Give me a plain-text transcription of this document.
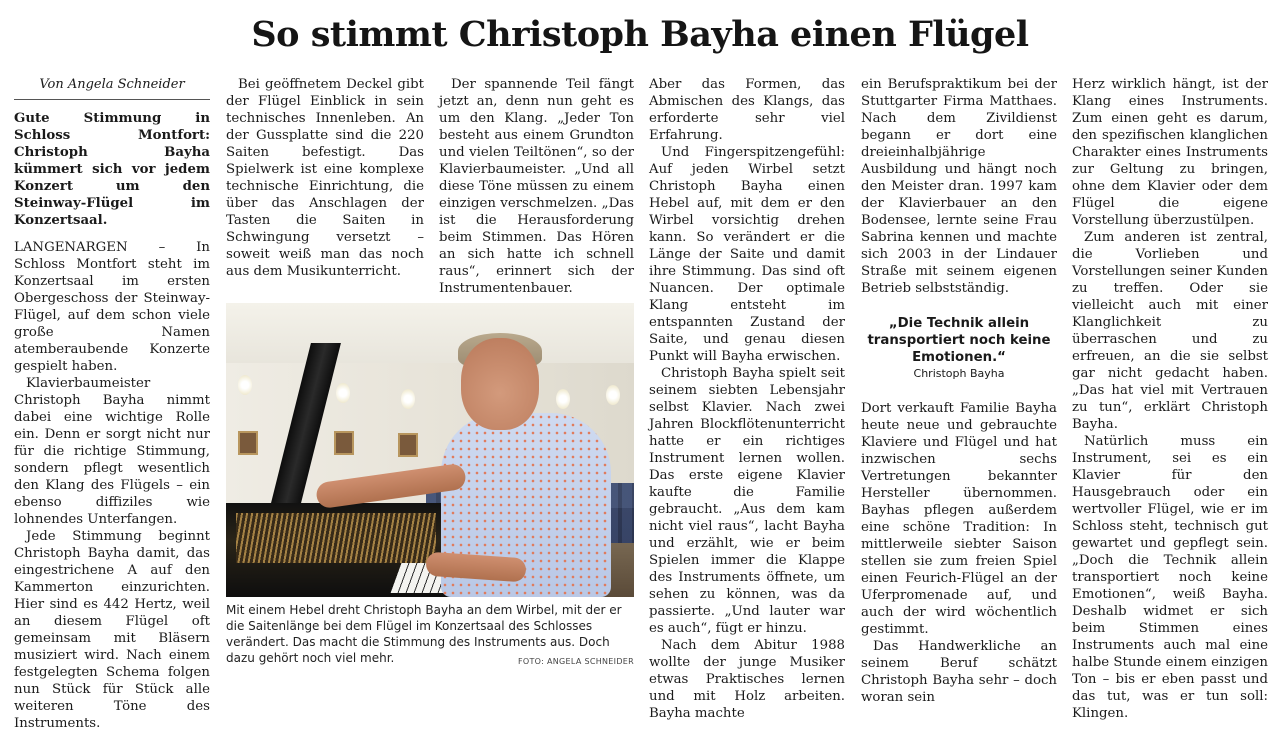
So stimmt Christoph Bayha einen Flügel
Von Angela Schneider

Gute Stimmung in Schloss Montfort: Christoph Bayha kümmert sich vor jedem Konzert um den Steinway-Flügel im Konzertsaal.

LANGENARGEN – In Schloss Montfort steht im Konzertsaal im ersten Obergeschoss der Steinway-Flügel, auf dem schon viele große Namen atemberaubende Konzerte gespielt haben.

Klavierbaumeister Christoph Bayha nimmt dabei eine wichtige Rolle ein. Denn er sorgt nicht nur für die richtige Stimmung, sondern pflegt wesentlich den Klang des Flügels – ein ebenso diffiziles wie lohnendes Unterfangen.

Jede Stimmung beginnt Christoph Bayha damit, das eingestrichene A auf den Kammerton einzurichten. Hier sind es 442 Hertz, weil an diesem Flügel oft gemeinsam mit Bläsern musiziert wird. Nach einem festgelegten Schema folgen nun Stück für Stück alle weiteren Töne des Instruments.

Bei geöffnetem Deckel gibt der Flügel Einblick in sein technisches Innenleben. An der Gussplatte sind die 220 Saiten befestigt. Das Spielwerk ist eine komplexe technische Einrichtung, die über das Anschlagen der Tasten die Saiten in Schwingung versetzt – soweit weiß man das noch aus dem Musikunterricht.

Der spannende Teil fängt jetzt an, denn nun geht es um den Klang. „Jeder Ton besteht aus einem Grundton und vielen Teiltönen“, so der Klavierbaumeister. „Und all diese Töne müssen zu einem einzigen verschmelzen. „Das ist die Herausforderung beim Stimmen. Das Hören an sich hatte ich schnell raus“, erinnert sich der Instrumentenbauer.

Mit einem Hebel dreht Christoph Bayha an dem Wirbel, mit der er die Saitenlänge bei dem Flügel im Konzertsaal des Schlosses verändert. Das macht die Stimmung des Instruments aus. Doch dazu gehört noch viel mehr.	FOTO: ANGELA SCHNEIDER

Aber das Formen, das Abmischen des Klangs, das erforderte sehr viel Erfahrung.

Und Fingerspitzengefühl: Auf jeden Wirbel setzt Christoph Bayha einen Hebel auf, mit dem er den Wirbel vorsichtig drehen kann. So verändert er die Länge der Saite und damit ihre Stimmung. Das sind oft Nuancen. Der optimale Klang entsteht im entspannten Zustand der Saite, und genau diesen Punkt will Bayha erwischen.

Christoph Bayha spielt seit seinem siebten Lebensjahr selbst Klavier. Nach zwei Jahren Blockflötenunterricht hatte er ein richtiges Instrument lernen wollen. Das erste eigene Klavier kaufte die Familie gebraucht. „Aus dem kam nicht viel raus“, lacht Bayha und erzählt, wie er beim Spielen immer die Klappe des Instruments öffnete, um sehen zu können, was da passierte. „Und lauter war es auch“, fügt er hinzu.

Nach dem Abitur 1988 wollte der junge Musiker etwas Praktisches lernen und mit Holz arbeiten. Bayha machte

ein Berufspraktikum bei der Stuttgarter Firma Matthaes. Nach dem Zivildienst begann er dort eine dreieinhalbjährige Ausbildung und hängt noch den Meister dran. 1997 kam der Klavierbauer an den Bodensee, lernte seine Frau Sabrina kennen und machte sich 2003 in der Lindauer Straße mit seinem eigenen Betrieb selbstständig.

„Die Technik allein transportiert noch keine Emotionen.“
Christoph Bayha

Dort verkauft Familie Bayha heute neue und gebrauchte Klaviere und Flügel und hat inzwischen sechs Vertretungen bekannter Hersteller übernommen. Bayhas pflegen außerdem eine schöne Tradition: In mittlerweile siebter Saison stellen sie zum freien Spiel einen Feurich-Flügel an der Uferpromenade auf, und auch der wird wöchentlich gestimmt.

Das Handwerkliche an seinem Beruf schätzt Christoph Bayha sehr – doch woran sein

Herz wirklich hängt, ist der Klang eines Instruments. Zum einen geht es darum, den spezifischen klanglichen Charakter eines Instruments zur Geltung zu bringen, ohne dem Klavier oder dem Flügel die eigene Vorstellung überzustülpen.

Zum anderen ist zentral, die Vorlieben und Vorstellungen seiner Kunden zu treffen. Oder sie vielleicht auch mit einer Klanglichkeit zu überraschen und zu erfreuen, an die sie selbst gar nicht gedacht haben. „Das hat viel mit Vertrauen zu tun“, erklärt Christoph Bayha.

Natürlich muss ein Instrument, sei es ein Klavier für den Hausgebrauch oder ein wertvoller Flügel, wie er im Schloss steht, technisch gut gewartet und gepflegt sein. „Doch die Technik allein transportiert noch keine Emotionen“, weiß Bayha. Deshalb widmet er sich beim Stimmen eines Instruments auch mal eine halbe Stunde einem einzigen Ton – bis er eben passt und das tut, was er tun soll: Klingen.
